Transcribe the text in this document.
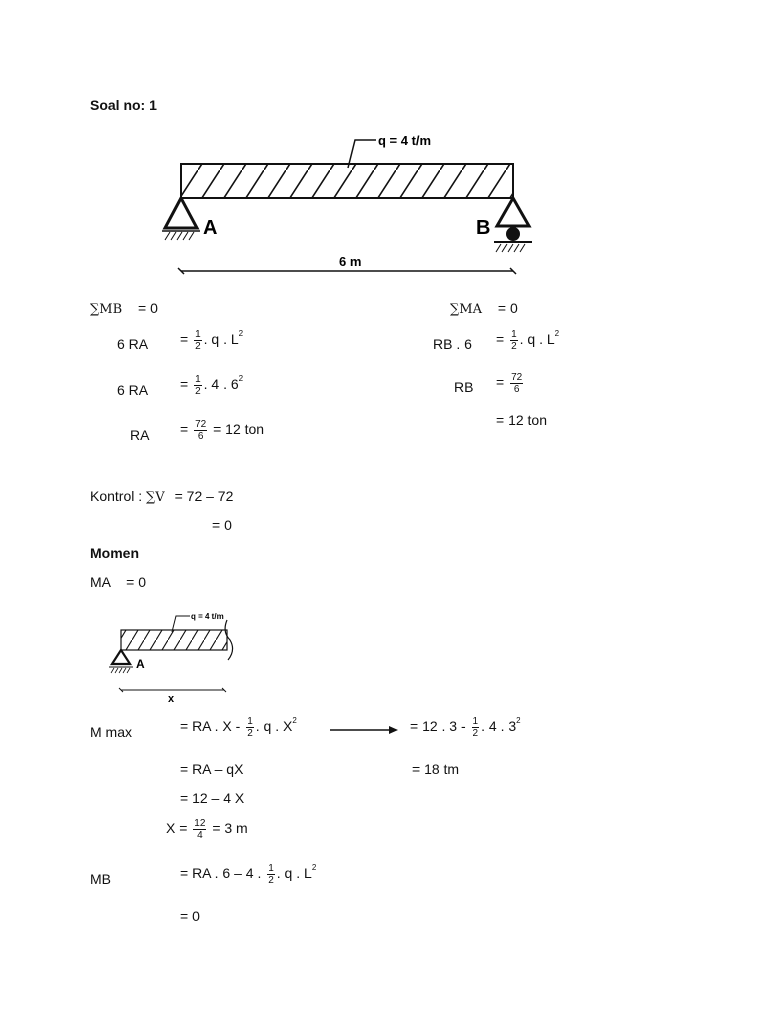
Soal no: 1
q = 4 t/m
A	B
6 m
q = 4 t/m
A
x
∑MB = 0
6 RA = $\frac{1}{2}$ . q . $L^2$
6 RA = $\frac{1}{2}$ . 4 . $6^2$
RA = $\frac{72}{6} = 12$ ton
∑MA = 0
RB . $6 = \frac{1}{2}$ . q . $L^2$
RB = $\frac{72}{6}$
= 12 ton
Kontrol : ∑V = 72 – 72
= 0
Momen
MA = 0
M max	= RA . X - $\frac{1}{2}$ . q . $X^2$	= 12 . $3 - \frac{1}{2}$ . 4 . $3^2$
= RA – qX	= 18 tm
= 12 – 4 X
$X = \frac{12}{4} = 3$ m
MB	= RA . 6 – 4 . $\frac{1}{2}$ . q . $L^2$
= 0
